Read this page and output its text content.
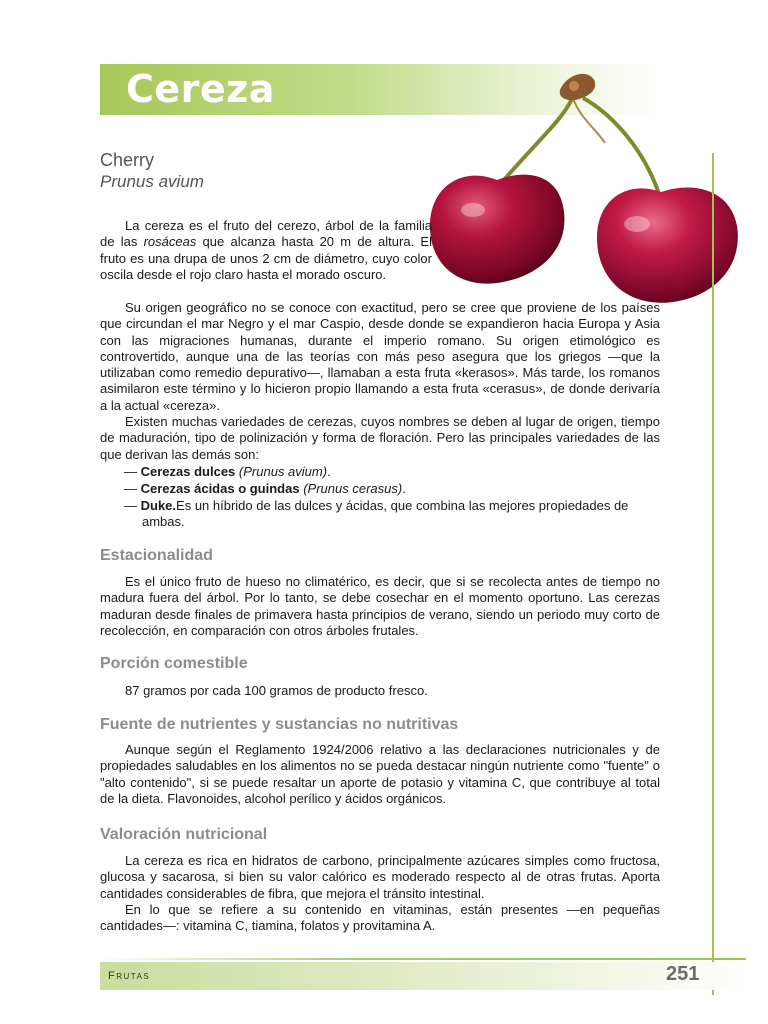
Cereza
Cherry
Prunus avium

La cereza es el fruto del cerezo, árbol de la familia de las rosáceas que alcanza hasta 20 m de altura. El fruto es una drupa de unos 2 cm de diámetro, cuyo color oscila desde el rojo claro hasta el morado oscuro.

Su origen geográfico no se conoce con exactitud, pero se cree que proviene de los países que circundan el mar Negro y el mar Caspio, desde donde se expandieron hacia Europa y Asia con las migraciones humanas, durante el imperio romano. Su origen etimológico es controvertido, aunque una de las teorías con más peso asegura que los griegos —que la utilizaban como remedio depurativo—, llamaban a esta fruta «kerasos». Más tarde, los romanos asimilaron este término y lo hicieron propio llamando a esta fruta «cerasus», de donde derivaría a la actual «cereza».

Existen muchas variedades de cerezas, cuyos nombres se deben al lugar de origen, tiempo de maduración, tipo de polinización y forma de floración. Pero las principales variedades de las que derivan las demás son:

— Cerezas dulces (Prunus avium).

— Cerezas ácidas o guindas (Prunus cerasus).

— Duke.Es un híbrido de las dulces y ácidas, que combina las mejores propiedades de ambas.

Estacionalidad

Es el único fruto de hueso no climatérico, es decir, que si se recolecta antes de tiempo no madura fuera del árbol. Por lo tanto, se debe cosechar en el momento oportuno. Las cerezas maduran desde finales de primavera hasta principios de verano, siendo un periodo muy corto de recolección, en comparación con otros árboles frutales.

Porción comestible

87 gramos por cada 100 gramos de producto fresco.

Fuente de nutrientes y sustancias no nutritivas

Aunque según el Reglamento 1924/2006 relativo a las declaraciones nutricionales y de propiedades saludables en los alimentos no se pueda destacar ningún nutriente como "fuente" o "alto contenido", si se puede resaltar un aporte de potasio y vitamina C, que contribuye al total de la dieta. Flavonoides, alcohol perílico y ácidos orgánicos.

Valoración nutricional

La cereza es rica en hidratos de carbono, principalmente azúcares simples como fructosa, glucosa y sacarosa, si bien su valor calórico es moderado respecto al de otras frutas. Aporta cantidades considerables de fibra, que mejora el tránsito intestinal.

En lo que se refiere a su contenido en vitaminas, están presentes —en pequeñas cantidades—: vitamina C, tiamina, folatos y provitamina A.

Frutas	251
